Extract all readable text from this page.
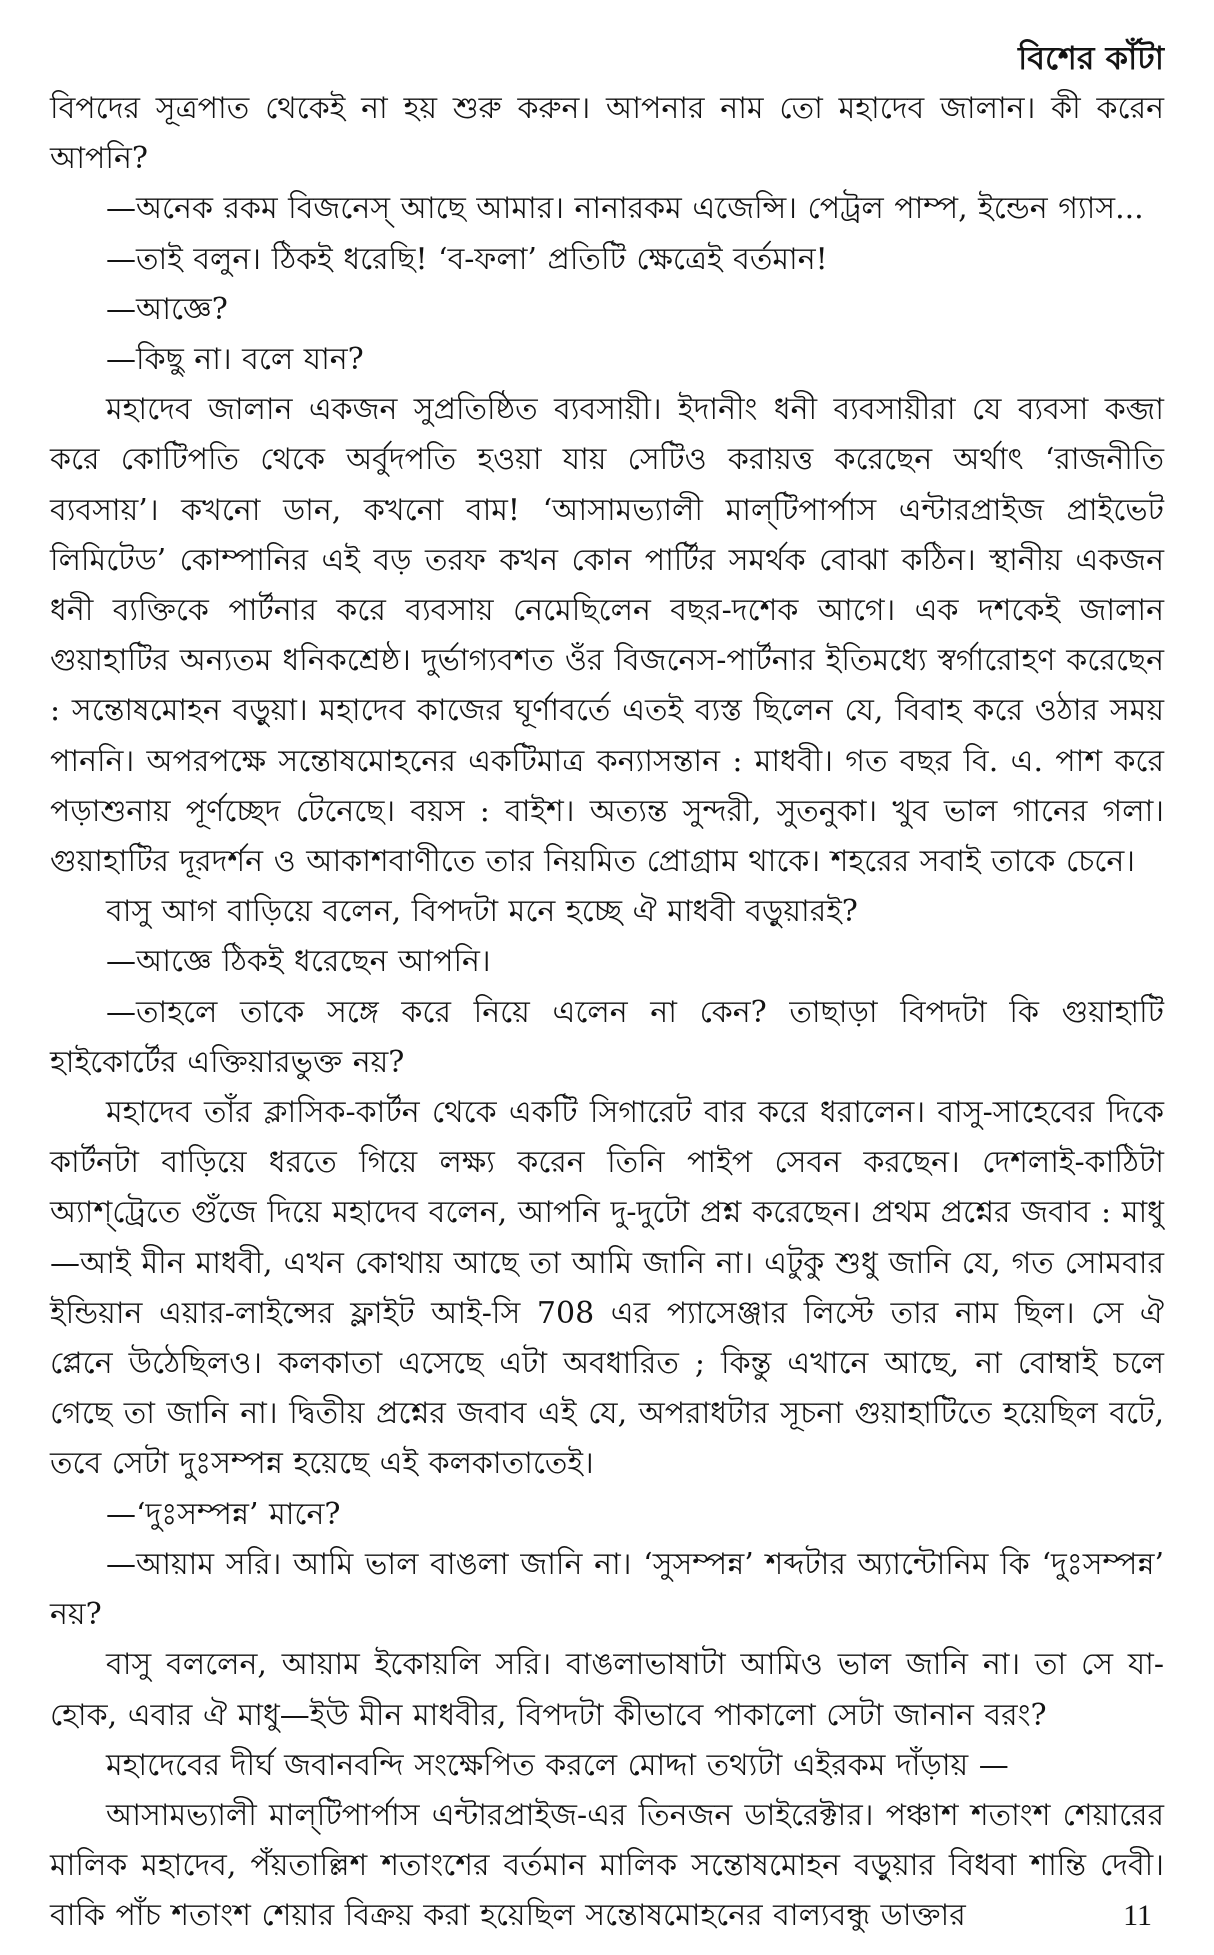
বিশের কাঁটা

বিপদের সূত্রপাত থেকেই না হয় শুরু করুন। আপনার নাম তো মহাদেব জালান। কী করেন আপনি?

—অনেক রকম বিজনেস্ আছে আমার। নানারকম এজেন্সি। পেট্রল পাম্প, ইন্ডেন গ্যাস...

—তাই বলুন। ঠিকই ধরেছি! ‘ব-ফলা’ প্রতিটি ক্ষেত্রেই বর্তমান!

—আজ্ঞে?

—কিছু না। বলে যান?

মহাদেব জালান একজন সুপ্রতিষ্ঠিত ব্যবসায়ী। ইদানীং ধনী ব্যবসায়ীরা যে ব্যবসা কব্জা করে কোটিপতি থেকে অর্বুদপতি হওয়া যায় সেটিও করায়ত্ত করেছেন অর্থাৎ ‘রাজনীতি ব্যবসায়’। কখনো ডান, কখনো বাম! ‘আসামভ্যালী মাল্‌টিপার্পাস এন্টারপ্রাইজ প্রাইভেট লিমিটেড’ কোম্পানির এই বড় তরফ কখন কোন পার্টির সমর্থক বোঝা কঠিন। স্থানীয় একজন ধনী ব্যক্তিকে পার্টনার করে ব্যবসায় নেমেছিলেন বছর-দশেক আগে। এক দশকেই জালান গুয়াহাটির অন্যতম ধনিকশ্রেষ্ঠ। দুর্ভাগ্যবশত ওঁর বিজনেস-পার্টনার ইতিমধ্যে স্বর্গারোহণ করেছেন : সন্তোষমোহন বড়ুয়া। মহাদেব কাজের ঘূর্ণাবর্তে এতই ব্যস্ত ছিলেন যে, বিবাহ করে ওঠার সময় পাননি। অপরপক্ষে সন্তোষমোহনের একটিমাত্র কন্যাসন্তান : মাধবী। গত বছর বি. এ. পাশ করে পড়াশুনায় পূর্ণচ্ছেদ টেনেছে। বয়স : বাইশ। অত্যন্ত সুন্দরী, সুতনুকা। খুব ভাল গানের গলা। গুয়াহাটির দূরদর্শন ও আকাশবাণীতে তার নিয়মিত প্রোগ্রাম থাকে। শহরের সবাই তাকে চেনে।

বাসু আগ বাড়িয়ে বলেন, বিপদটা মনে হচ্ছে ঐ মাধবী বড়ুয়ারই?

—আজ্ঞে ঠিকই ধরেছেন আপনি।

—তাহলে তাকে সঙ্গে করে নিয়ে এলেন না কেন? তাছাড়া বিপদটা কি গুয়াহাটি হাইকোর্টের এক্তিয়ারভুক্ত নয়?

মহাদেব তাঁর ক্লাসিক-কার্টন থেকে একটি সিগারেট বার করে ধরালেন। বাসু-সাহেবের দিকে কার্টনটা বাড়িয়ে ধরতে গিয়ে লক্ষ্য করেন তিনি পাইপ সেবন করছেন। দেশলাই-কাঠিটা অ্যাশ্‌ট্রেতে গুঁজে দিয়ে মহাদেব বলেন, আপনি দু-দুটো প্রশ্ন করেছেন। প্রথম প্রশ্নের জবাব : মাধু—আই মীন মাধবী, এখন কোথায় আছে তা আমি জানি না। এটুকু শুধু জানি যে, গত সোমবার ইন্ডিয়ান এয়ার-লাইন্সের ফ্লাইট আই-সি 708 এর প্যাসেঞ্জার লিস্টে তার নাম ছিল। সে ঐ প্লেনে উঠেছিলও। কলকাতা এসেছে এটা অবধারিত ; কিন্তু এখানে আছে, না বোম্বাই চলে গেছে তা জানি না। দ্বিতীয় প্রশ্নের জবাব এই যে, অপরাধটার সূচনা গুয়াহাটিতে হয়েছিল বটে, তবে সেটা দুঃসম্পন্ন হয়েছে এই কলকাতাতেই।

—‘দুঃসম্পন্ন’ মানে?

—আয়াম সরি। আমি ভাল বাঙলা জানি না। ‘সুসম্পন্ন’ শব্দটার অ্যান্টোনিম কি ‘দুঃসম্পন্ন’ নয়?

বাসু বললেন, আয়াম ইকোয়লি সরি। বাঙলাভাষাটা আমিও ভাল জানি না। তা সে যা-হোক, এবার ঐ মাধু—ইউ মীন মাধবীর, বিপদটা কীভাবে পাকালো সেটা জানান বরং?

মহাদেবের দীর্ঘ জবানবন্দি সংক্ষেপিত করলে মোদ্দা তথ্যটা এইরকম দাঁড়ায় —

আসামভ্যালী মাল্‌টিপার্পাস এন্টারপ্রাইজ-এর তিনজন ডাইরেক্টার। পঞ্চাশ শতাংশ শেয়ারের মালিক মহাদেব, পঁয়তাল্লিশ শতাংশের বর্তমান মালিক সন্তোষমোহন বড়ুয়ার বিধবা শান্তি দেবী। বাকি পাঁচ শতাংশ শেয়ার বিক্রয় করা হয়েছিল সন্তোষমোহনের বাল্যবন্ধু ডাক্তার	11
